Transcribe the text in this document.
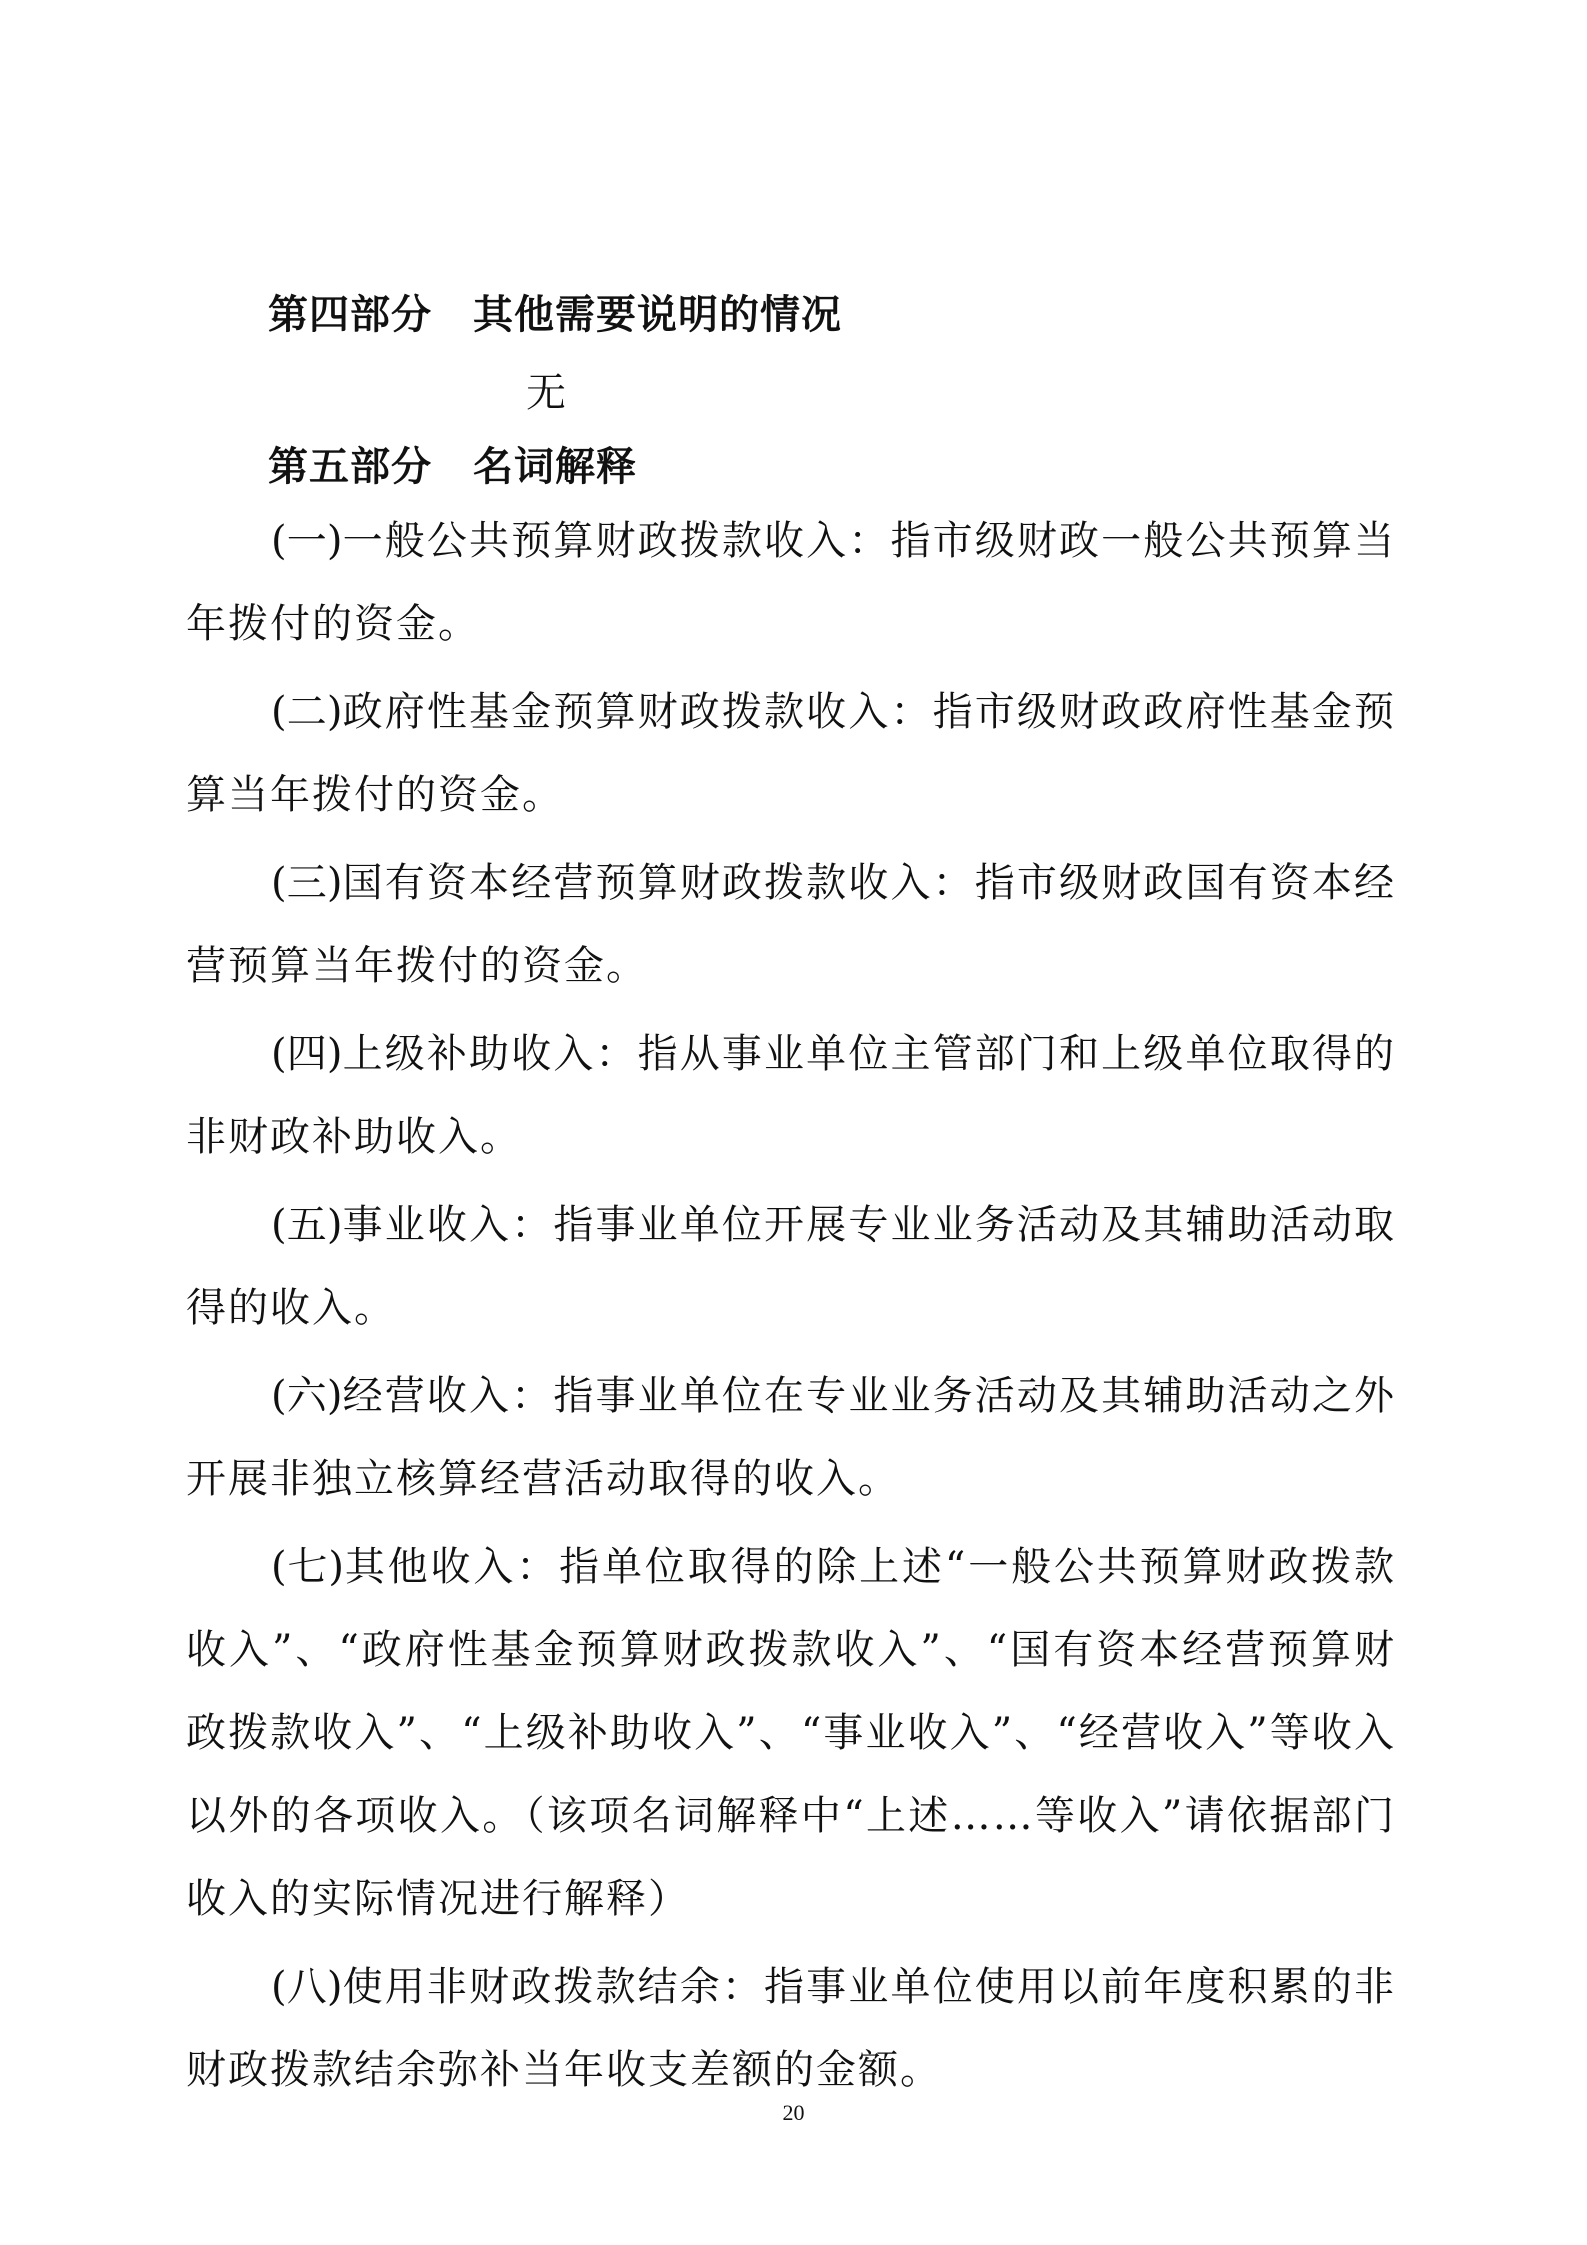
第四部分　其他需要说明的情况

无

第五部分　名词解释

(一)一般公共预算财政拨款收入：指市级财政一般公共预算当年拨付的资金。

(二)政府性基金预算财政拨款收入：指市级财政政府性基金预算当年拨付的资金。

(三)国有资本经营预算财政拨款收入：指市级财政国有资本经营预算当年拨付的资金。

(四)上级补助收入：指从事业单位主管部门和上级单位取得的非财政补助收入。

(五)事业收入：指事业单位开展专业业务活动及其辅助活动取得的收入。

(六)经营收入：指事业单位在专业业务活动及其辅助活动之外开展非独立核算经营活动取得的收入。

(七)其他收入：指单位取得的除上述“一般公共预算财政拨款收入”、“政府性基金预算财政拨款收入”、“国有资本经营预算财政拨款收入”、“上级补助收入”、“事业收入”、“经营收入”等收入以外的各项收入。（该项名词解释中“上述……等收入”请依据部门收入的实际情况进行解释）

(八)使用非财政拨款结余：指事业单位使用以前年度积累的非财政拨款结余弥补当年收支差额的金额。

20
